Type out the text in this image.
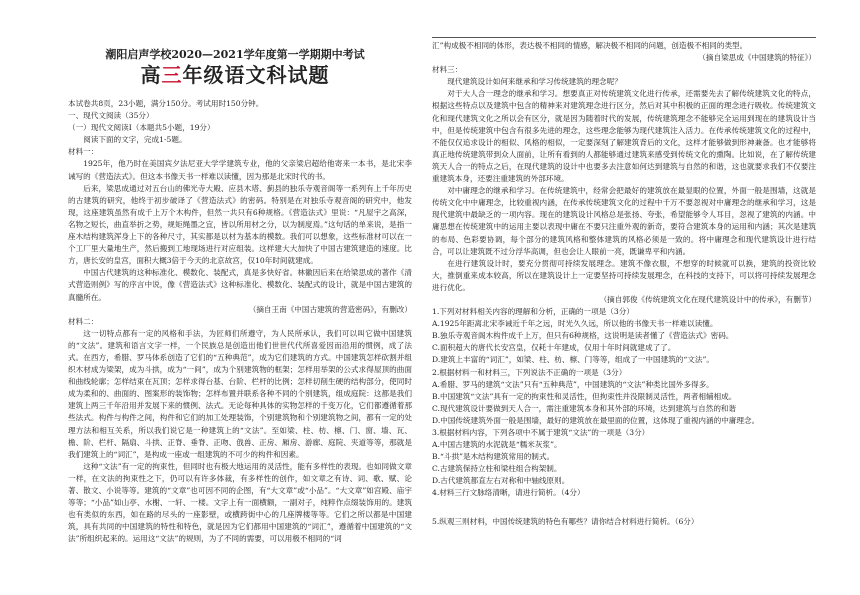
潮阳启声学校2020—2021学年度第一学期期中考试
高三年级语文科试题

本试卷共8页，23小题，满分150分。考试用时150分钟。

一、现代文阅读（35分）

（一）现代文阅读Ⅰ（本题共5小题，19分）

阅读下面的文字，完成1-5题。

材料一：

1925年，他乃时在美国宾夕法尼亚大学学建筑专业，他的父亲梁启超给他寄来一本书，是北宋李诫写的《营造法式》。但这本书像天书一样难以读懂，因为那是北宋时代的书。

后来，梁思成通过对五台山的佛光寺大殿、应县木塔、蓟县的独乐寺观音阁等一系列有上千年历史的古建筑的研究，他终于初步破译了《营造法式》的密码。特别是在对独乐寺观音阁的研究中，他发现，这座建筑虽然有成千上万个木构件，但然一共只有6种规格。《营造法式》里说：“凡屋宇之高深，名物之短长，曲直举折之势，规矩绳墨之宜，皆以所用材之分，以为制度焉。”这句话的单来说，是指一座木结构建筑浑身上下的各种尺寸，其实都是以材为基本的模数。我们可以想象，这些标准材可以在一个工厂里大量地生产，然后搬到工地现场进行对应组装。这样建大大加快了中国古建筑建造的速度。比方，唐长安的皇宫，面积大概3倍于今天的北京故宫，仅10年时间就建成。

中国古代建筑的这种标准化、模数化、装配式，真是多快好省。林徽因后来在给梁思成的著作《清式营造则例》写的序言中说，像《营造法式》这种标准化、模数化、装配式的设计，就是中国古建筑的真髓所在。

（摘自王南《中国古建筑的营造密码》，有删改）

材料二：

这一切特点都有一定的风格和手法，为匠师们所遵守，为人民所承认，我们可以叫它做中国建筑的“文法”。建筑和语言文字一样，一个民族总是创造出他们世世代代所喜爱因而沿用的惯例，成了法式。在西方，希腊、罗马体系创造了它们的“五种典范”，成为它们建筑的方式。中国建筑怎样砍割并组织木材成为梁架，成为斗拱，成为“一间”，成为个别建筑物的框架；怎样用举架的公式求得屋顶的曲面和曲线轮廓；怎样结束在瓦顶；怎样求得台基、台阶、栏杆的比例；怎样切削生硬的结构部分，使同时成为柔和的、曲面的、图案形的装饰物；怎样布置并联系各种不同的个别建筑，组成庭院：这都是我们建筑上两三千年沿用并发展下来的惯例、法式。无论每种具体的实物怎样的千变万化，它们都遵循着那些法式。构件与构件之间，构件和它们的加工处理装饰，个别建筑物和个别建筑物之间，都有一定的处理方法和相互关系，所以我们说它是一种建筑上的“文法”。至如梁、柱、枋、檩、门、窗、墙、瓦、檐、阶、栏杆、隔扇、斗拱、正脊、垂脊、正吻、戗兽、正房、厢房、游廊、庭院、夹道等等，那就是我们建筑上的“词汇”，是构成一座或一组建筑的不可少的构件和因素。

这种“文法”有一定的拘束性，但同时也有极大地运用的灵活性，能有多样性的表现。也如同做文章一样，在文法的拘束性之下，仍可以有许多体裁，有多样性的创作，如文章之有诗、词、歌、赋、论著、散文、小说等等。建筑的“文章”也可因不同的企图，有“大文章”或“小品”。“大文章”如宫殿、庙宇等等；“小品”如山亭、水榭、一轩、一楼。文字上有一面横额，一副对子，纯粹作点缀装饰用的。建筑也有类似的东西，如在路的尽头的一座影壁，或横跨街中心的几座牌楼等等。它们之所以都是中国建筑，具有共同的中国建筑的特性和特色，就是因为它们都用中国建筑的“词汇”，遵循着中国建筑的“文法”所组织起来的。运用这“文法”的规则，为了不同的需要，可以用极不相同的“词

汇”构成极不相同的体形，表达极不相同的情感，解决极不相同的问题，创造极不相同的类型。

（摘自梁思成《中国建筑的特征》）

材料三：

现代建筑设计如何来继承和学习传统建筑的理念呢？

对于大人合一理念的继承和学习。想要真正对传统建筑文化进行传承，还需要先去了解传统建筑文化的特点，根据这些特点以及建筑中包含的精神来对建筑理念进行区分，然后对其中积极的正面的理念进行吸收。传统建筑文化和现代建筑文化之所以会有区分，就是因为随着时代的发展，传统建筑理念不能够完全运用到现在的建筑设计当中，但是传统建筑中包含有很多先进的理念，这些理念能够为现代建筑注入活力。在传承传统建筑文化的过程中，不能仅仅追求设计的相似、风格的相似，一定要深刻了解建筑背后的文化，这样才能够做到形神兼备。也才能够将真正地传统建筑带到众人面前，让所有看到的人都能够通过建筑来感受到传统文化的熏陶。比如说，在了解传统建筑天人合一的特点之后，在现代建筑的设计中也要多去注意如何达到建筑与自然的和谐，这也就要求我们不仅要注重建筑本身，还要注重建筑的外部环境。

对中庸理念的继承和学习。在传统建筑中，经常会把最好的建筑放在最显眼的位置，外面一般是围墙，这就是传统文化中中庸理念，比较重视内涵，在传承传统建筑文化的过程中千万不要忽视对中庸理念的继承和学习，这是现代建筑中最缺乏的一项内容。现在的建筑设计风格总是张扬、夸张，希望能够令人耳目，忽视了建筑的内涵。中庸思想在传统建筑中的运用主要以表现中庸在不要只注重外观的新奇，要符合建筑本身的运用和内涵；其次是建筑的布局、色彩要协调，每个部分的建筑风格和整体建筑的风格必须是一致的。将中庸理念和现代建筑设计进行结合，可以让建筑既不过分浮华高调，但也会让人眼前一亮，既谦卑平和内涵。

在进行建筑设计时，要充分贯彻可持续发展理念。建筑不像衣服，不想穿的时候就可以换，建筑的投资比较大，推倒重来成本较高，所以在建筑设计上一定要坚持可持续发展理念，在科技的支持下，可以将可持续发展理念进行优化。

（摘自郭俊《传统建筑文化在现代建筑设计中的传承》，有删节）

1.下列对材料相关内容的理解和分析，正确的一项是（3分）

A.1925年距离北宋李诫近千年之远，时光久久远，所以他的书像天书一样难以读懂。

B.独乐寺观音阁木构件成千上万，但只有6种规格，这说明是读者懂了《营造法式》密码。

C.面积超大的唐代长安宫皇，仅耗十年建成，仅用十年时间就建成了了。

D.建筑上丰富的“词汇”，如梁、柱、枋、檩、门等等，组成了一中国建筑的“文法”。

2.根据材料一和材料三，下列说法不正确的一项是（3分）

A.希腊、罗马的建筑“文法”只有“五种典范”，中国建筑的“文法”种类比国外多得多。

B.中国建筑“文法”具有一定的拘束性和灵活性，但拘束性并没限制灵活性，两者相辅相成。

C.现代建筑设计要做到天人合一，需注重建筑本身和其外部的环境，达到建筑与自然的和谐

D.中国传统建筑外面一般是围墙，最好的建筑放在最里面的位置，这体现了重视内涵的中庸理念。

3.根据材料内容，下列各项中不属于建筑“文法”的一项是（3分）

A.中国古建筑的水泥就是“糯米灰浆”。

B.“斗拱”是木结构建筑常用的制式。

C.古建筑保持立柱和梁柱组合构架制。

D.古代建筑都直左右对称和中轴线原则。

4.材料三行文脉络清晰，请进行简析。（4分）

5.纵观三则材料，中国传统建筑的特色有哪些？请你结合材料进行简析。（6分）
